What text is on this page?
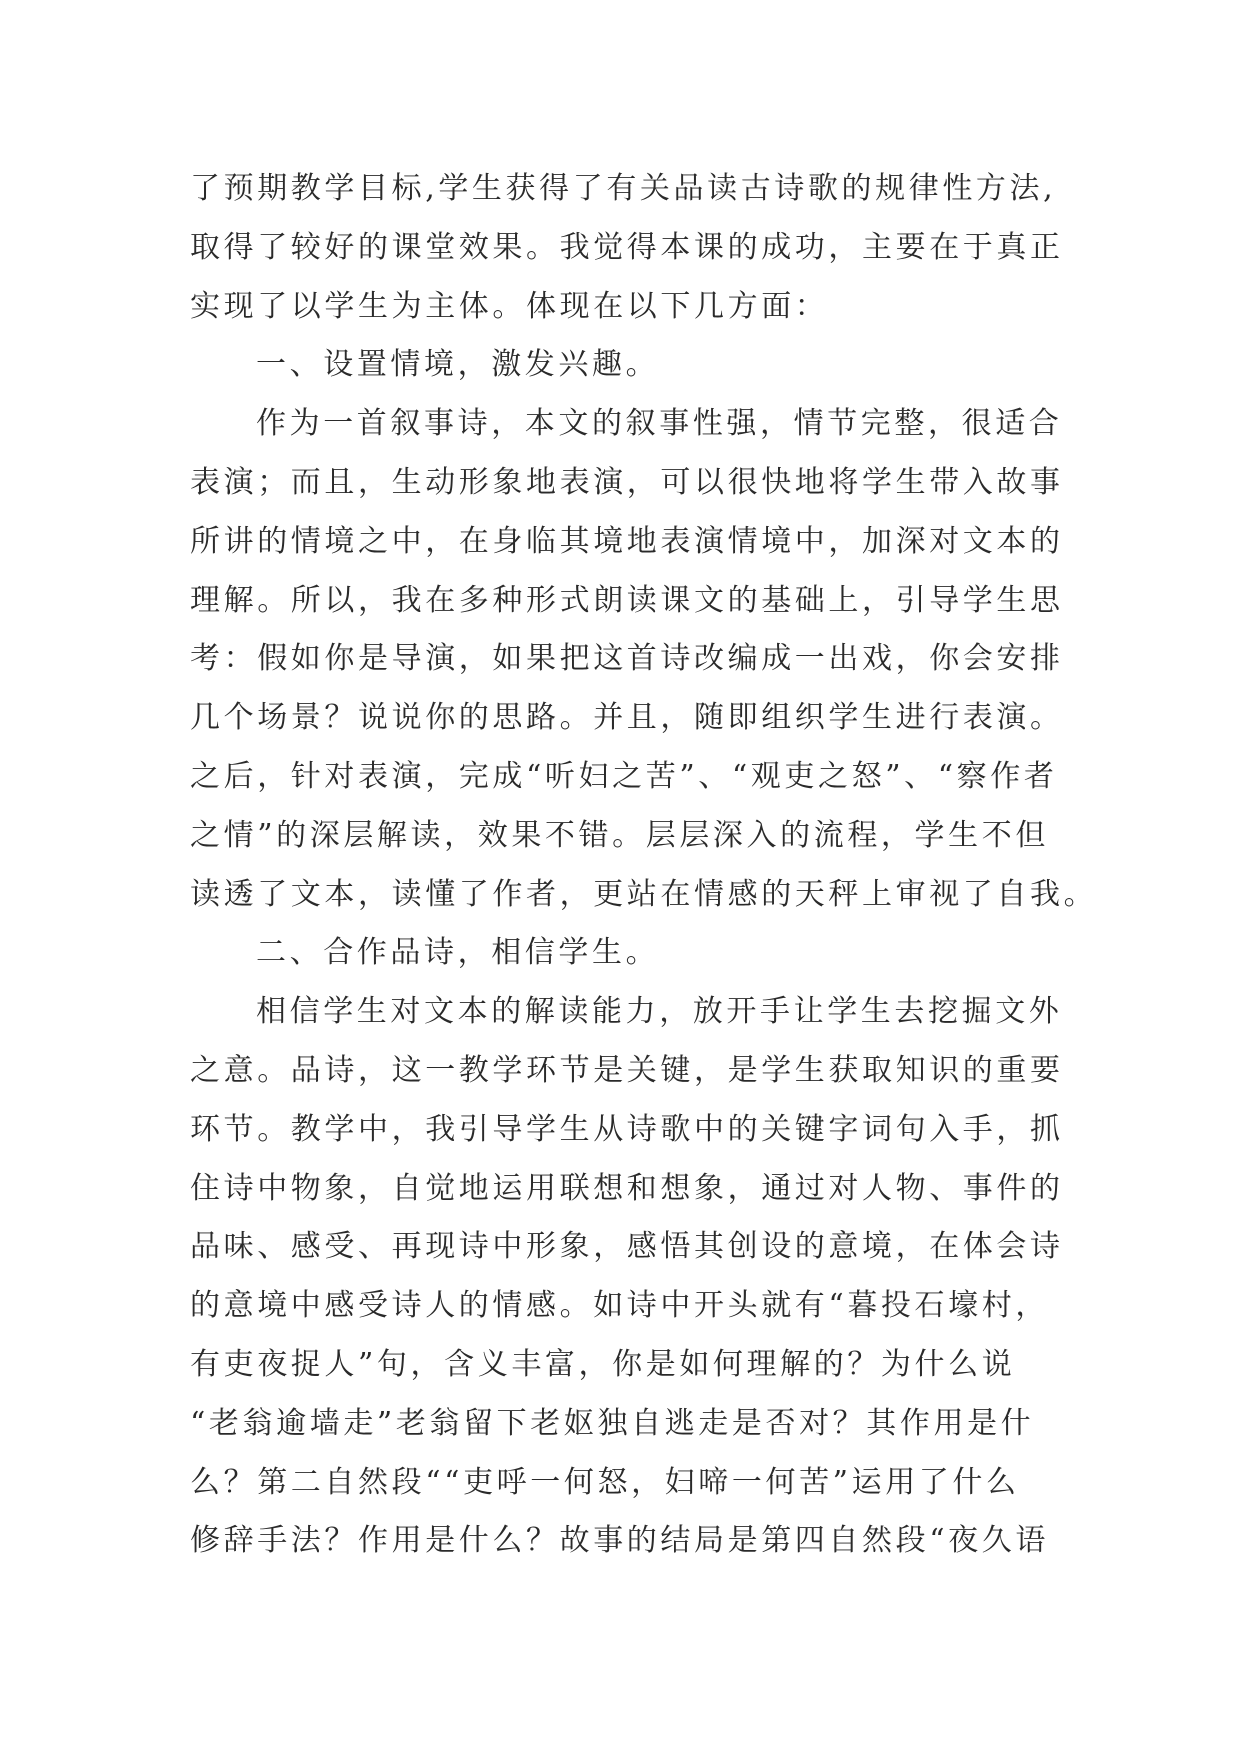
了预期教学目标,学生获得了有关品读古诗歌的规律性方法,
取得了较好的课堂效果。我觉得本课的成功，主要在于真正
实现了以学生为主体。体现在以下几方面：
一、设置情境，激发兴趣。
作为一首叙事诗，本文的叙事性强，情节完整，很适合
表演；而且，生动形象地表演，可以很快地将学生带入故事
所讲的情境之中，在身临其境地表演情境中，加深对文本的
理解。所以，我在多种形式朗读课文的基础上，引导学生思
考：假如你是导演，如果把这首诗改编成一出戏，你会安排
几个场景？说说你的思路。并且，随即组织学生进行表演。
之后，针对表演，完成“听妇之苦”、“观吏之怒”、“察作者
之情”的深层解读，效果不错。层层深入的流程，学生不但
读透了文本，读懂了作者，更站在情感的天秤上审视了自我。
二、合作品诗，相信学生。
相信学生对文本的解读能力，放开手让学生去挖掘文外
之意。品诗，这一教学环节是关键，是学生获取知识的重要
环节。教学中，我引导学生从诗歌中的关键字词句入手，抓
住诗中物象，自觉地运用联想和想象，通过对人物、事件的
品味、感受、再现诗中形象，感悟其创设的意境，在体会诗
的意境中感受诗人的情感。如诗中开头就有“暮投石壕村，
有吏夜捉人”句，含义丰富，你是如何理解的？为什么说
“老翁逾墙走”老翁留下老妪独自逃走是否对？其作用是什
么？第二自然段““吏呼一何怒，妇啼一何苦”运用了什么
修辞手法？作用是什么？故事的结局是第四自然段“夜久语
